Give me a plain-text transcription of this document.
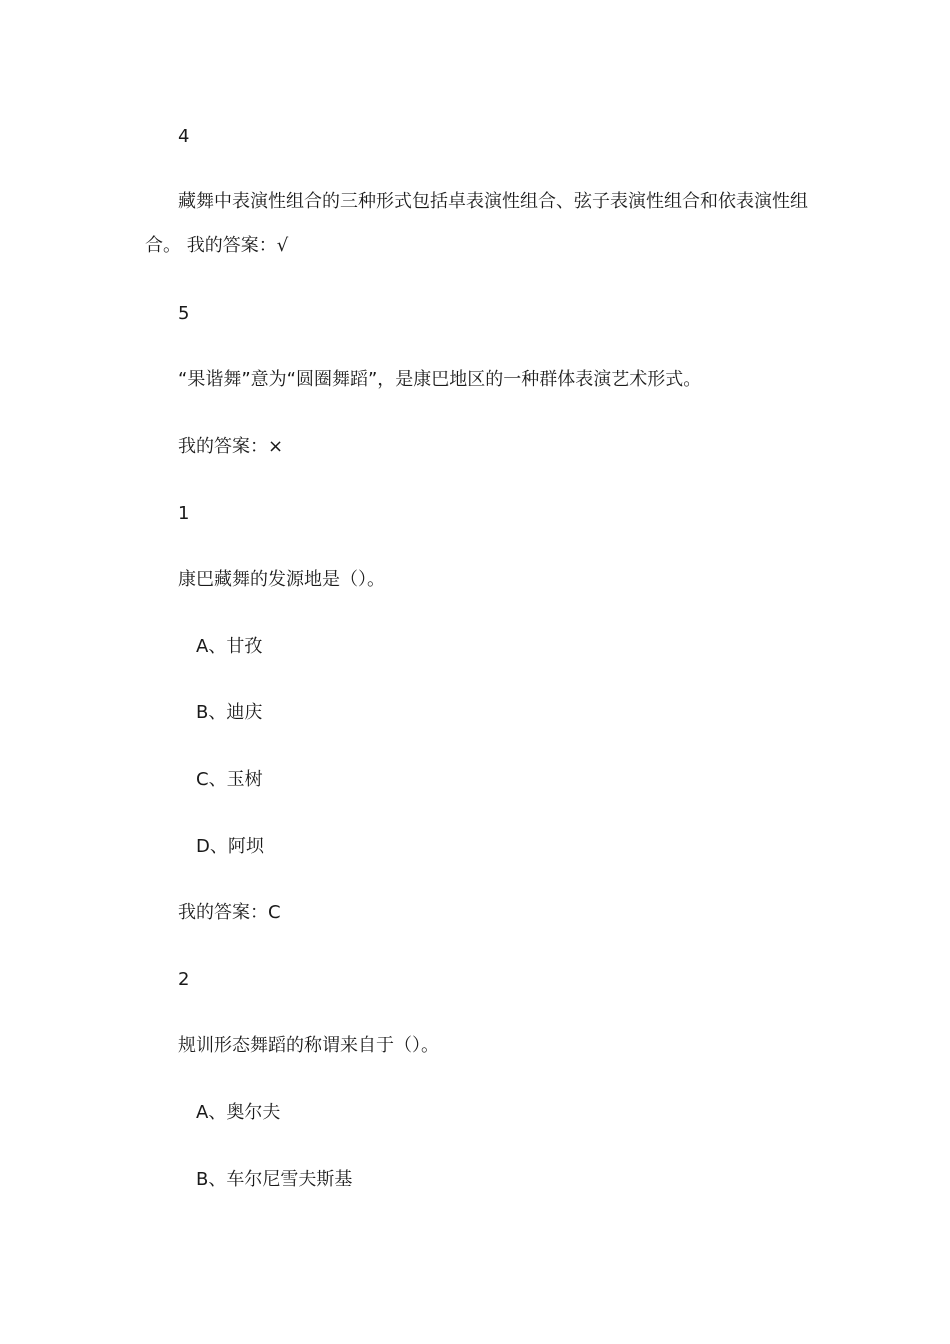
4
藏舞中表演性组合的三种形式包括卓表演性组合、弦子表演性组合和依表演性组合。 我的答案：√
5
“果谐舞”意为“圆圈舞蹈”，是康巴地区的一种群体表演艺术形式。
我的答案：×
1
康巴藏舞的发源地是（）。
A、甘孜
B、迪庆
C、玉树
D、阿坝
我的答案：C
2
规训形态舞蹈的称谓来自于（）。
A、奥尔夫
B、车尔尼雪夫斯基
